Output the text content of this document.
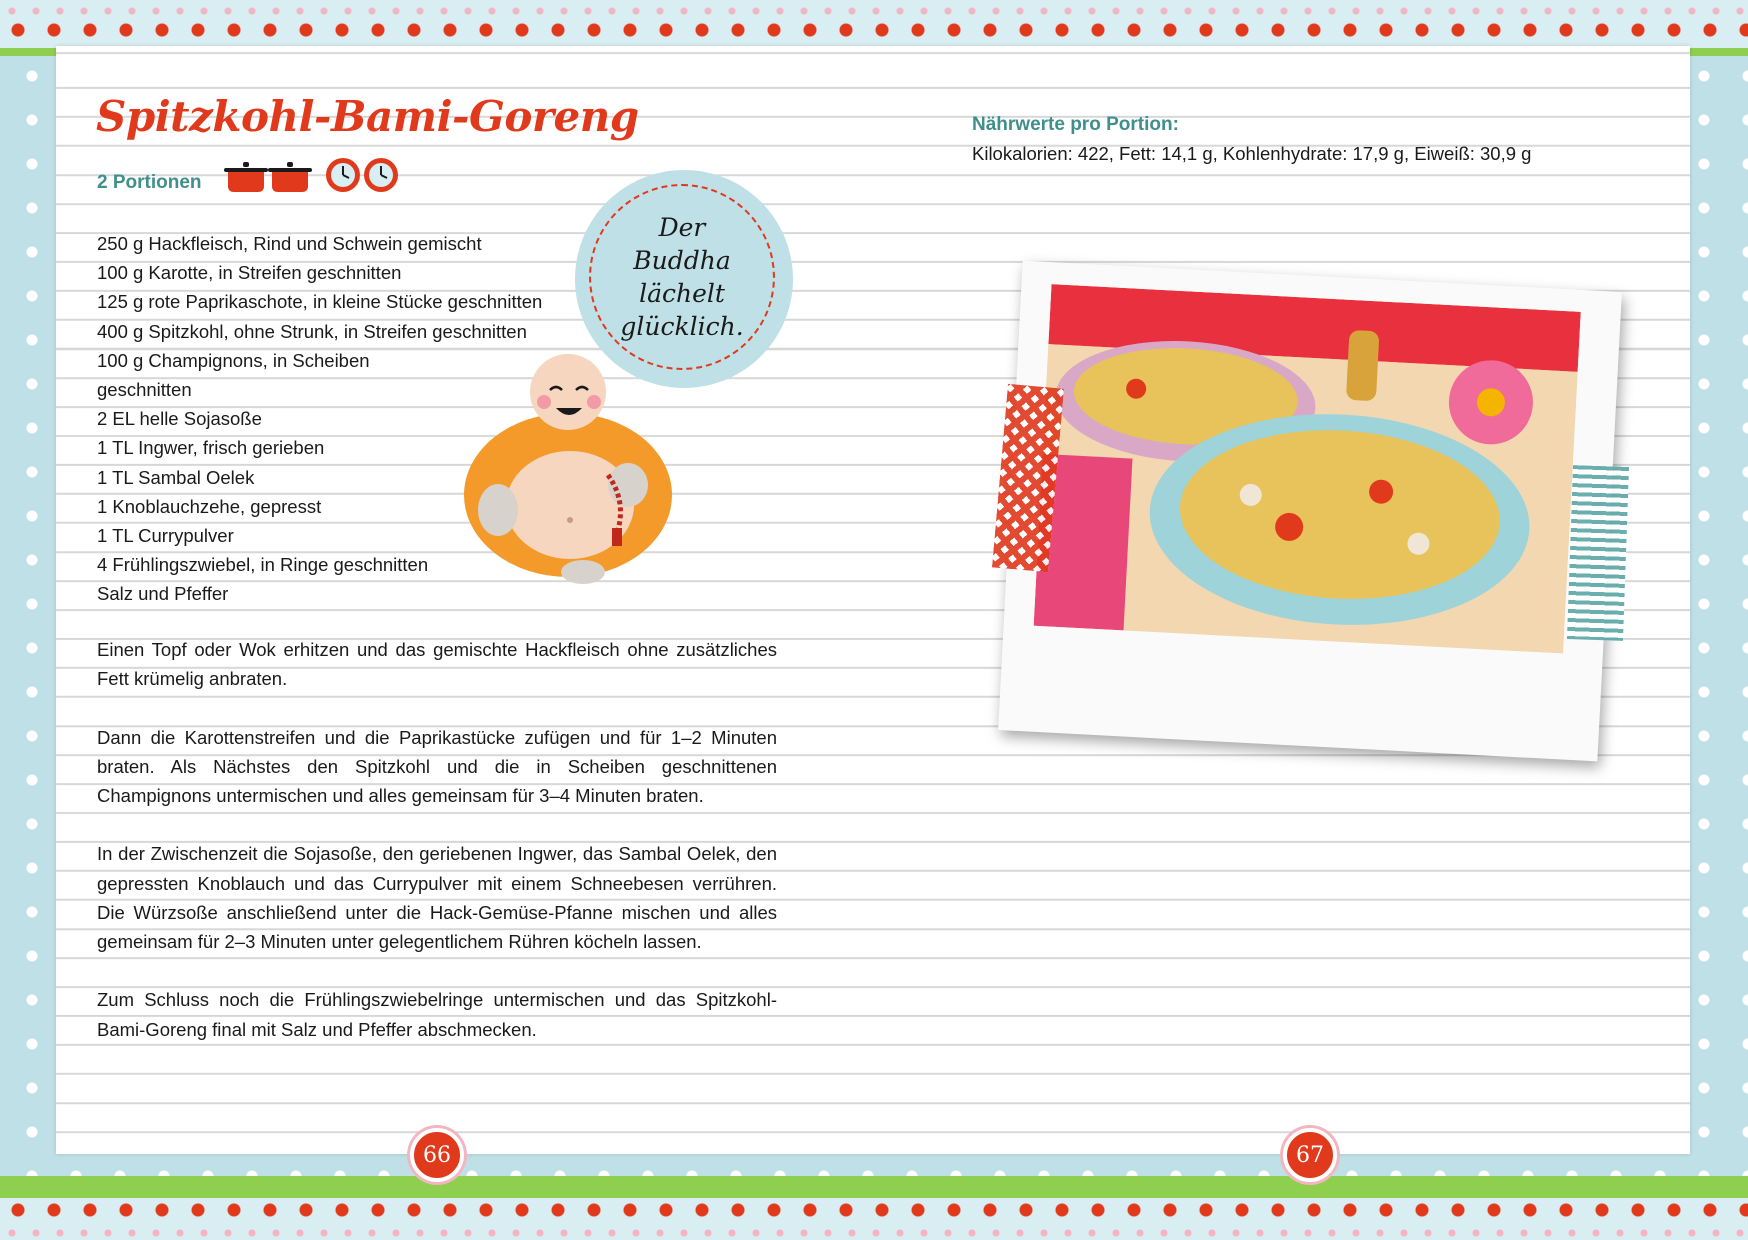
Spitzkohl-Bami-Goreng
2 Portionen
250 g Hackfleisch, Rind und Schwein gemischt
100 g Karotte, in Streifen geschnitten
125 g rote Paprikaschote, in kleine Stücke geschnitten
400 g Spitzkohl, ohne Strunk, in Streifen geschnitten
100 g Champignons, in Scheiben
geschnitten
2 EL helle Sojasoße
1 TL Ingwer, frisch gerieben
1 TL Sambal Oelek
1 Knoblauchzehe, gepresst
1 TL Currypulver
4 Frühlingszwiebel, in Ringe geschnitten
Salz und Pfeffer
Der Buddha
lächelt
glücklich.
Nährwerte pro Portion:
Kilokalorien: 422, Fett: 14,1 g, Kohlenhydrate: 17,9 g, Eiweiß: 30,9 g

Einen Topf oder Wok erhitzen und das gemischte Hackfleisch ohne zusätzliches Fett krümelig anbraten.

Dann die Karottenstreifen und die Paprikastücke zufügen und für 1–2 Minuten braten. Als Nächstes den Spitzkohl und die in Scheiben geschnittenen Champignons untermischen und alles gemeinsam für 3–4 Minuten braten.

In der Zwischenzeit die Sojasoße, den geriebenen Ingwer, das Sambal Oelek, den gepressten Knoblauch und das Currypulver mit einem Schneebesen verrühren. Die Würzsoße anschließend unter die Hack-Gemüse-Pfanne mischen und alles gemeinsam für 2–3 Minuten unter gelegentlichem Rühren köcheln lassen.

Zum Schluss noch die Frühlingszwiebelringe untermischen und das Spitzkohl-Bami-Goreng final mit Salz und Pfeffer abschmecken.

66	67
